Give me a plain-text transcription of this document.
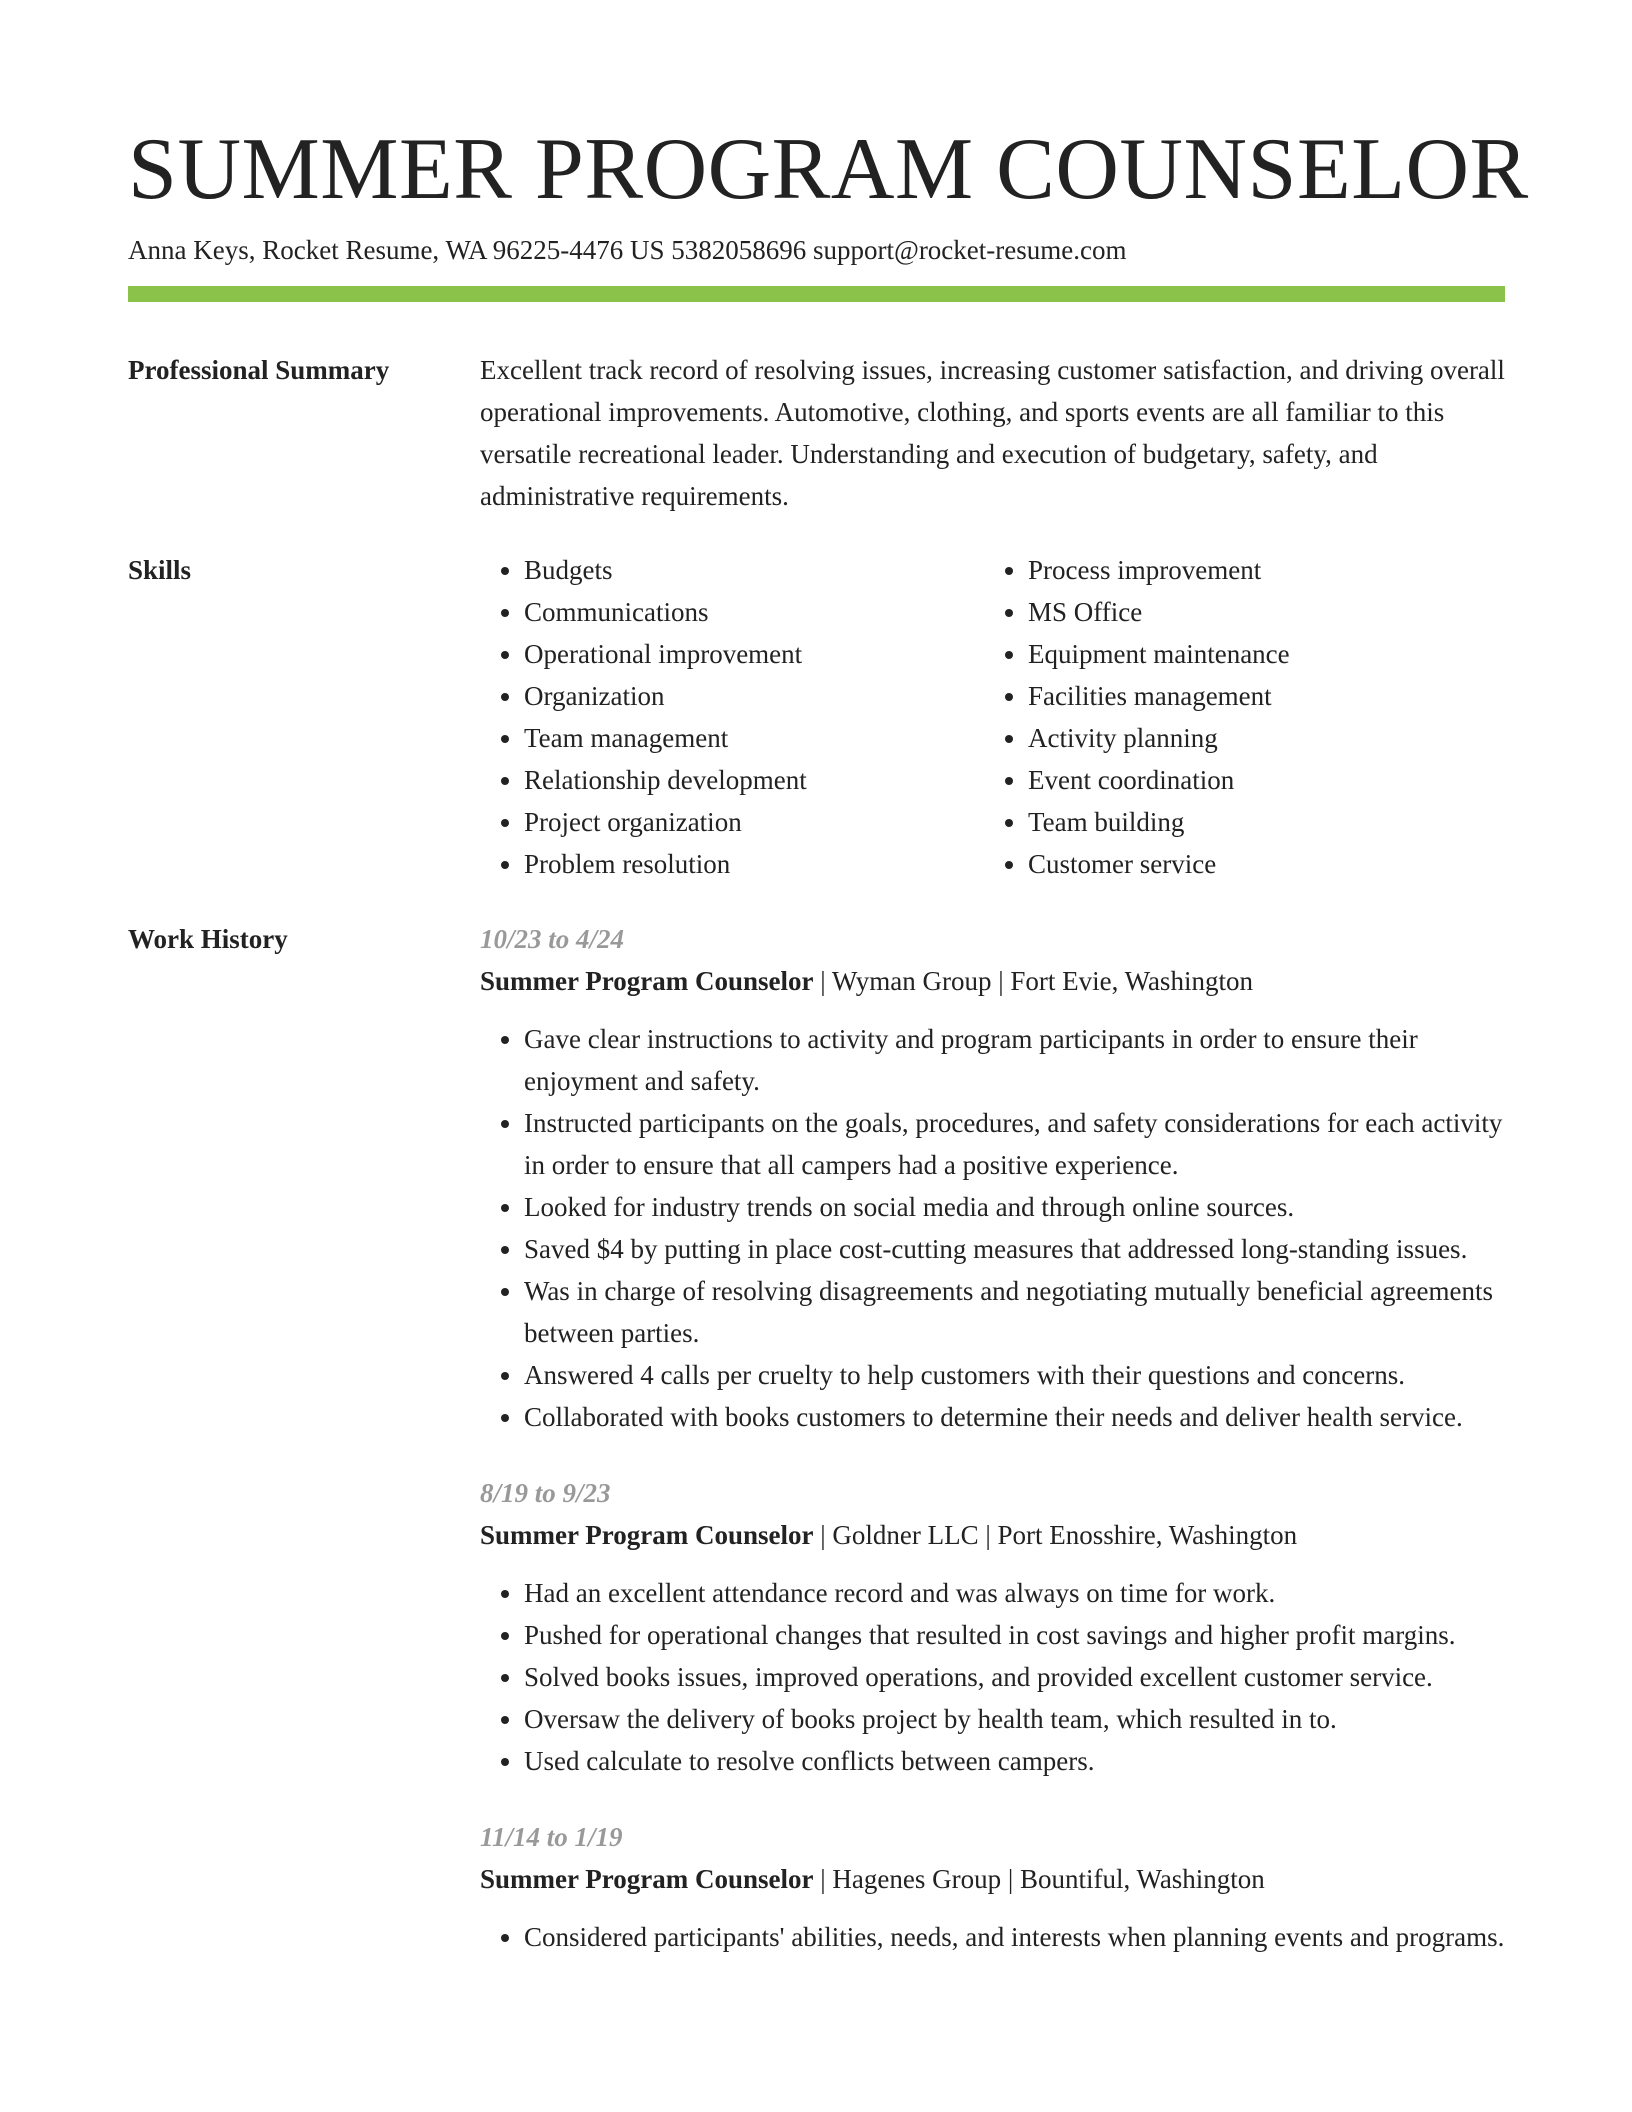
SUMMER PROGRAM COUNSELOR
Anna Keys, Rocket Resume, WA 96225-4476 US 5382058696 support@rocket-resume.com
Professional Summary	Excellent track record of resolving issues, increasing customer satisfaction, and driving overall operational improvements. Automotive, clothing, and sports events are all familiar to this versatile recreational leader. Understanding and execution of budgetary, safety, and administrative requirements.

Skills
•	Budgets
• Communications
• Operational improvement
• Organization
• Team management
• Relationship development
• Project organization
• Problem resolution
• Process improvement
• MS Office
• Equipment maintenance
• Facilities management
• Activity planning
• Event coordination
• Team building
• Customer service
Work History	10/23 to 4/24
Summer Program Counselor | Wyman Group | Fort Evie, Washington
• Gave clear instructions to activity and program participants in order to ensure their enjoyment and safety.
• Instructed participants on the goals, procedures, and safety considerations for each activity in order to ensure that all campers had a positive experience.
• Looked for industry trends on social media and through online sources.
• Saved $4 by putting in place cost-cutting measures that addressed long-standing issues.
• Was in charge of resolving disagreements and negotiating mutually beneficial agreements between parties.
• Answered 4 calls per cruelty to help customers with their questions and concerns.
• Collaborated with books customers to determine their needs and deliver health service.
8/19 to 9/23
Summer Program Counselor | Goldner LLC | Port Enosshire, Washington
• Had an excellent attendance record and was always on time for work.
• Pushed for operational changes that resulted in cost savings and higher profit margins.
• Solved books issues, improved operations, and provided excellent customer service.
• Oversaw the delivery of books project by health team, which resulted in to.
• Used calculate to resolve conflicts between campers.
11/14 to 1/19
Summer Program Counselor | Hagenes Group | Bountiful, Washington
• Considered participants' abilities, needs, and interests when planning events and programs.
